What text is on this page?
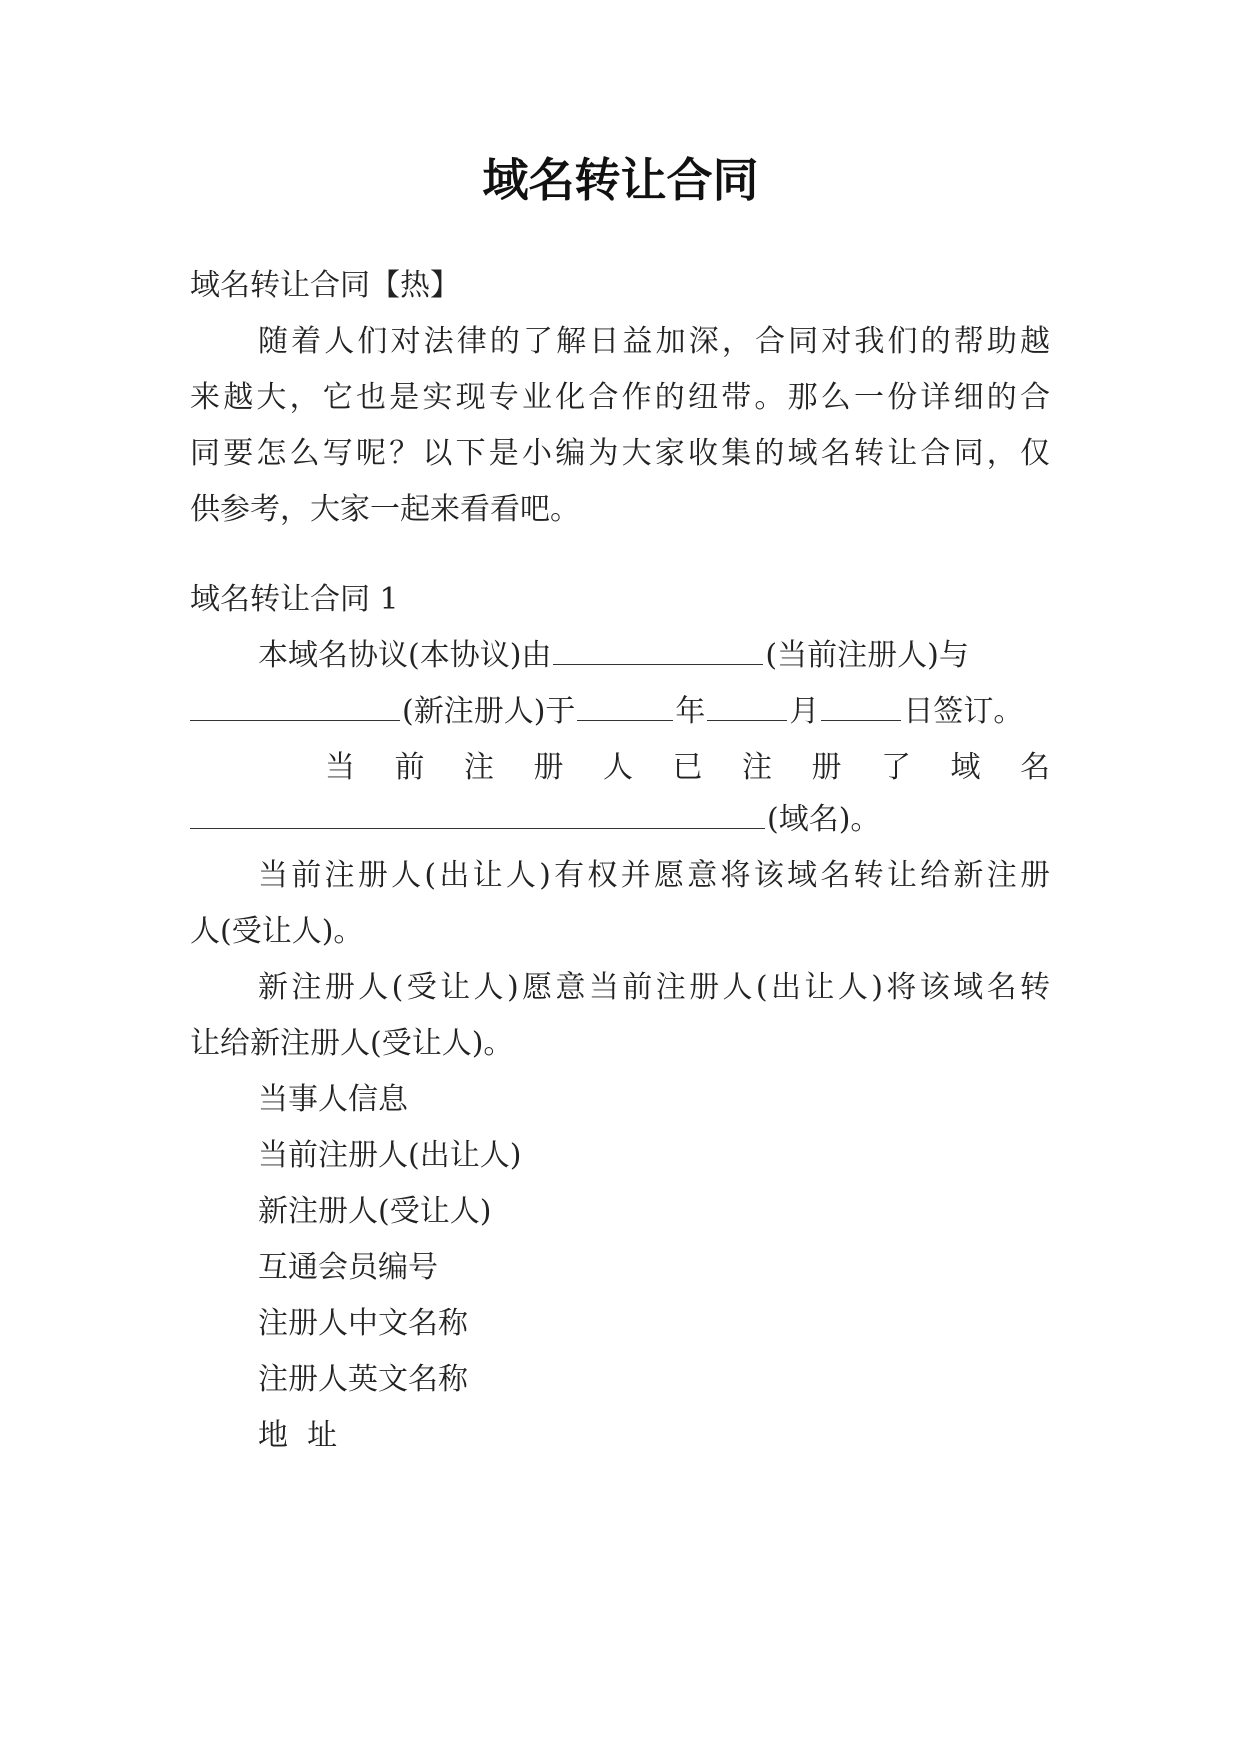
域名转让合同

域名转让合同【热】

随着人们对法律的了解日益加深，合同对我们的帮助越

来越大，它也是实现专业化合作的纽带。那么一份详细的合

同要怎么写呢？以下是小编为大家收集的域名转让合同，仅

供参考，大家一起来看看吧。

域名转让合同 1

本域名协议(本协议)由	(当前注册人)与

(新注册人)于	年	月	日签订。

当 前 注 册 人 已 注 册 了 域 名

(域名)。

当前注册人(出让人)有权并愿意将该域名转让给新注册

人(受让人)。

新注册人(受让人)愿意当前注册人(出让人)将该域名转

让给新注册人(受让人)。

当事人信息

当前注册人(出让人)

新注册人(受让人)

互通会员编号

注册人中文名称

注册人英文名称

地  址
